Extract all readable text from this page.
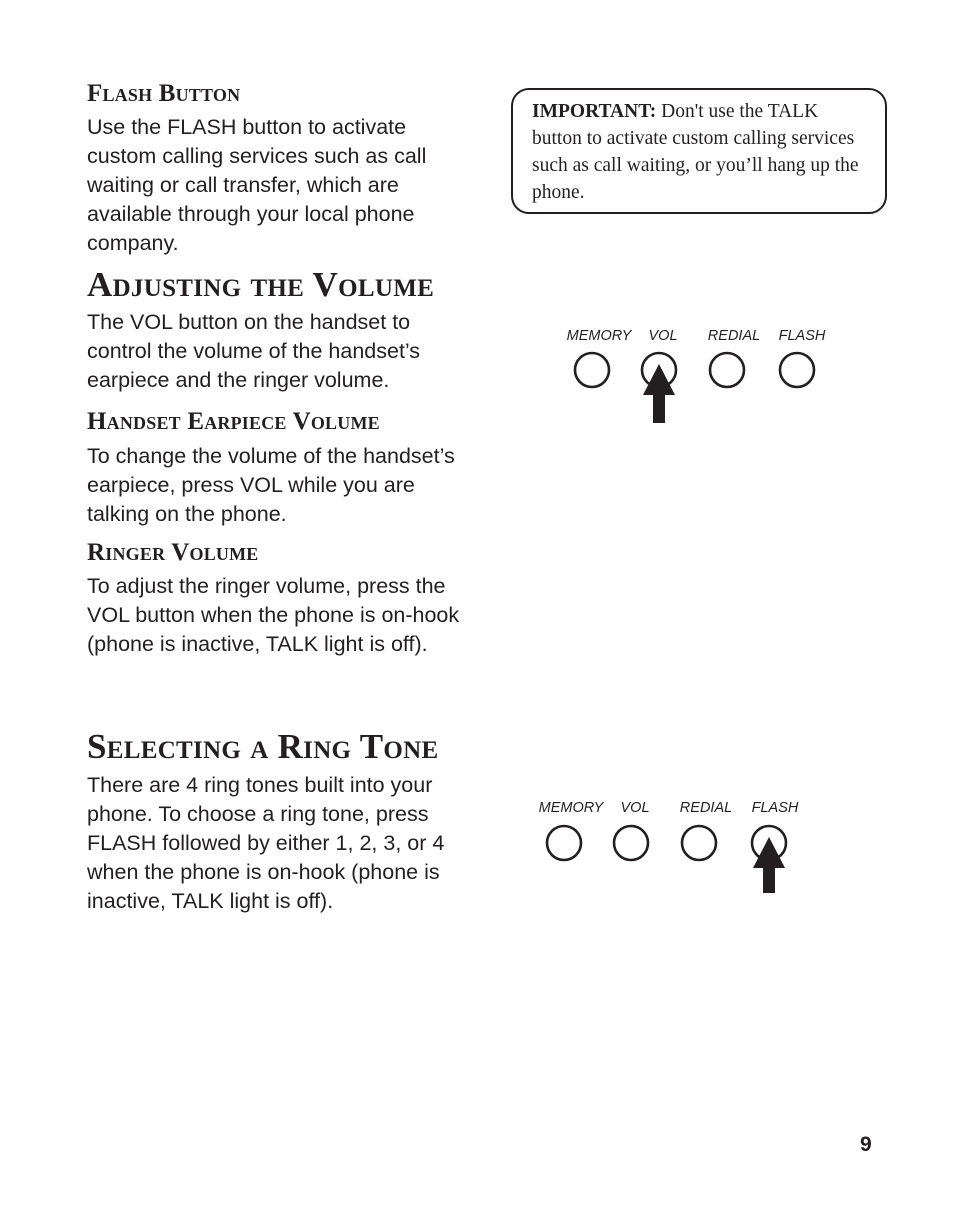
Flash Button

Use the FLASH button to activate custom calling services such as call waiting or call transfer, which are available through your local phone company.

Adjusting the Volume

The VOL button on the handset to control the volume of the handset’s earpiece and the ringer volume.

Handset Earpiece Volume

To change the volume of the handset’s earpiece, press VOL while you are talking on the phone.

Ringer Volume

To adjust the ringer volume, press the VOL button when the phone is on-hook (phone is inactive, TALK light is off).

Selecting a Ring Tone

There are 4 ring tones built into your phone. To choose a ring tone, press FLASH followed by either 1, 2, 3, or 4 when the phone is on-hook (phone is inactive, TALK light is off).

IMPORTANT: Don't use the TALK button to activate custom calling services such as call waiting, or you’ll hang up the phone.
MEMORY VOL REDIAL FLASH
MEMORY VOL REDIAL FLASH
9
